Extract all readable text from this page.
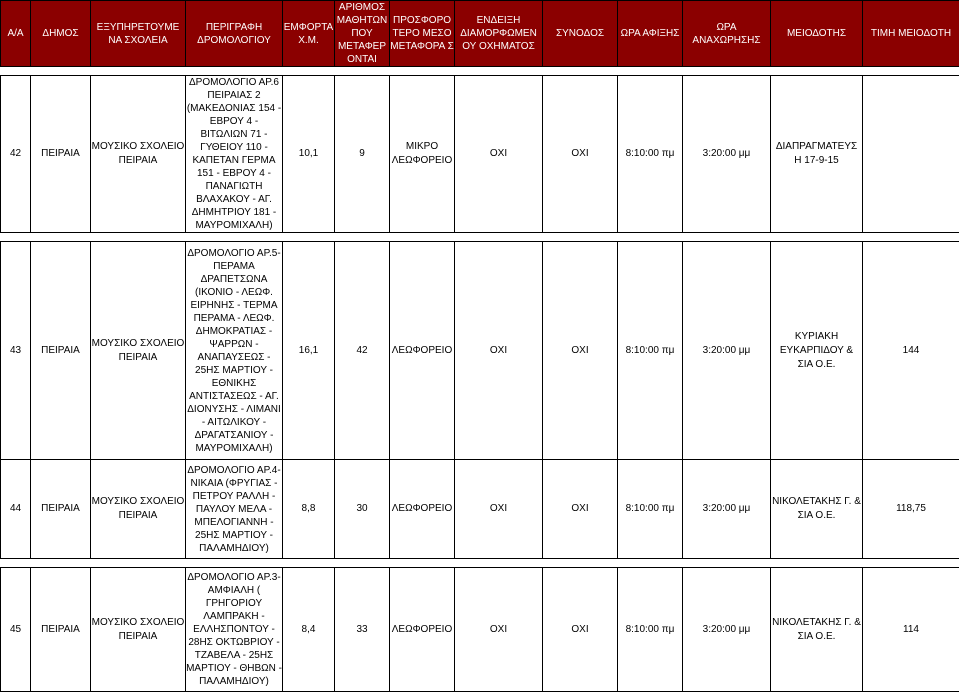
Α/Α	ΔΗΜΟΣ	ΕΞΥΠΗΡΕΤΟΥΜΕ ΝΑ ΣΧΟΛΕΙΑ	ΠΕΡΙΓΡΑΦΗ ΔΡΟΜΟΛΟΓΙΟΥ	ΕΜΦΟΡΤΑ Χ.Μ.	ΑΡΙΘΜΟΣ ΜΑΘΗΤΩΝ ΠΟΥ ΜΕΤΑΦΕΡ ΟΝΤΑΙ	ΠΡΟΣΦΟΡΟ ΤΕΡΟ ΜΕΣΟ ΜΕΤΑΦΟΡΑ Σ	ΕΝΔΕΙΞΗ ΔΙΑΜΟΡΦΩΜΕΝ ΟΥ ΟΧΗΜΑΤΟΣ	ΣΥΝΟΔΟΣ	ΩΡΑ ΑΦΙΞΗΣ	ΩΡΑ ΑΝΑΧΩΡΗΣΗΣ	ΜΕΙΟΔΟΤΗΣ	ΤΙΜΗ ΜΕΙΟΔΟΤΗ

42	ΠΕΙΡΑΙΑ	ΜΟΥΣΙΚΟ ΣΧΟΛΕΙΟ ΠΕΙΡΑΙΑ	ΔΡΟΜΟΛΟΓΙΟ ΑΡ.6 ΠΕΙΡΑΙΑΣ 2 (ΜΑΚΕΔΟΝΙΑΣ 154 - ΕΒΡΟΥ 4 - ΒΙΤΩΛΙΩΝ 71 - ΓΥΘΕΙΟΥ 110 - ΚΑΠΕΤΑΝ ΓΕΡΜΑ 151 - ΕΒΡΟΥ 4 - ΠΑΝΑΓΙΩΤΗ ΒΛΑΧΑΚΟΥ - ΑΓ. ΔΗΜΗΤΡΙΟΥ 181 - ΜΑΥΡΟΜΙΧΑΛΗ)	10,1	9	ΜΙΚΡΟ ΛΕΩΦΟΡΕΙΟ	ΟΧΙ	ΟΧΙ	8:10:00 πμ	3:20:00 μμ	ΔΙΑΠΡΑΓΜΑΤΕΥΣ Η 17-9-15	

43	ΠΕΙΡΑΙΑ	ΜΟΥΣΙΚΟ ΣΧΟΛΕΙΟ ΠΕΙΡΑΙΑ	ΔΡΟΜΟΛΟΓΙΟ ΑΡ.5- ΠΕΡΑΜΑ ΔΡΑΠΕΤΣΩΝΑ (ΙΚΟΝΙΟ - ΛΕΩΦ. ΕΙΡΗΝΗΣ - ΤΕΡΜΑ ΠΕΡΑΜΑ - ΛΕΩΦ. ΔΗΜΟΚΡΑΤΙΑΣ - ΨΑΡΡΩΝ - ΑΝΑΠΑΥΣΕΩΣ - 25ΗΣ ΜΑΡΤΙΟΥ - ΕΘΝΙΚΗΣ ΑΝΤΙΣΤΑΣΕΩΣ - ΑΓ. ΔΙΟΝΥΣΗΣ - ΛΙΜΑΝΙ - ΑΙΤΩΛΙΚΟΥ - ΔΡΑΓΑΤΣΑΝΙΟΥ - ΜΑΥΡΟΜΙΧΑΛΗ)	16,1	42	ΛΕΩΦΟΡΕΙΟ	ΟΧΙ	ΟΧΙ	8:10:00 πμ	3:20:00 μμ	ΚΥΡΙΑΚΗ ΕΥΚΑΡΠΙΔΟΥ & ΣΙΑ Ο.Ε.	144
44	ΠΕΙΡΑΙΑ	ΜΟΥΣΙΚΟ ΣΧΟΛΕΙΟ ΠΕΙΡΑΙΑ	ΔΡΟΜΟΛΟΓΙΟ ΑΡ.4- ΝΙΚΑΙΑ (ΦΡΥΓΙΑΣ - ΠΕΤΡΟΥ ΡΑΛΛΗ - ΠΑΥΛΟΥ ΜΕΛΑ - ΜΠΕΛΟΓΙΑΝΝΗ - 25ΗΣ ΜΑΡΤΙΟΥ - ΠΑΛΑΜΗΔΙΟΥ)	8,8	30	ΛΕΩΦΟΡΕΙΟ	ΟΧΙ	ΟΧΙ	8:10:00 πμ	3:20:00 μμ	ΝΙΚΟΛΕΤΑΚΗΣ Γ. & ΣΙΑ Ο.Ε.	118,75

45	ΠΕΙΡΑΙΑ	ΜΟΥΣΙΚΟ ΣΧΟΛΕΙΟ ΠΕΙΡΑΙΑ	ΔΡΟΜΟΛΟΓΙΟ ΑΡ.3- ΑΜΦΙΑΛΗ ( ΓΡΗΓΟΡΙΟΥ ΛΑΜΠΡΑΚΗ - ΕΛΛΗΣΠΟΝΤΟΥ - 28ΗΣ ΟΚΤΩΒΡΙΟΥ - ΤΖΑΒΕΛΑ - 25ΗΣ ΜΑΡΤΙΟΥ - ΘΗΒΩΝ - ΠΑΛΑΜΗΔΙΟΥ)	8,4	33	ΛΕΩΦΟΡΕΙΟ	ΟΧΙ	ΟΧΙ	8:10:00 πμ	3:20:00 μμ	ΝΙΚΟΛΕΤΑΚΗΣ Γ. & ΣΙΑ Ο.Ε.	114
